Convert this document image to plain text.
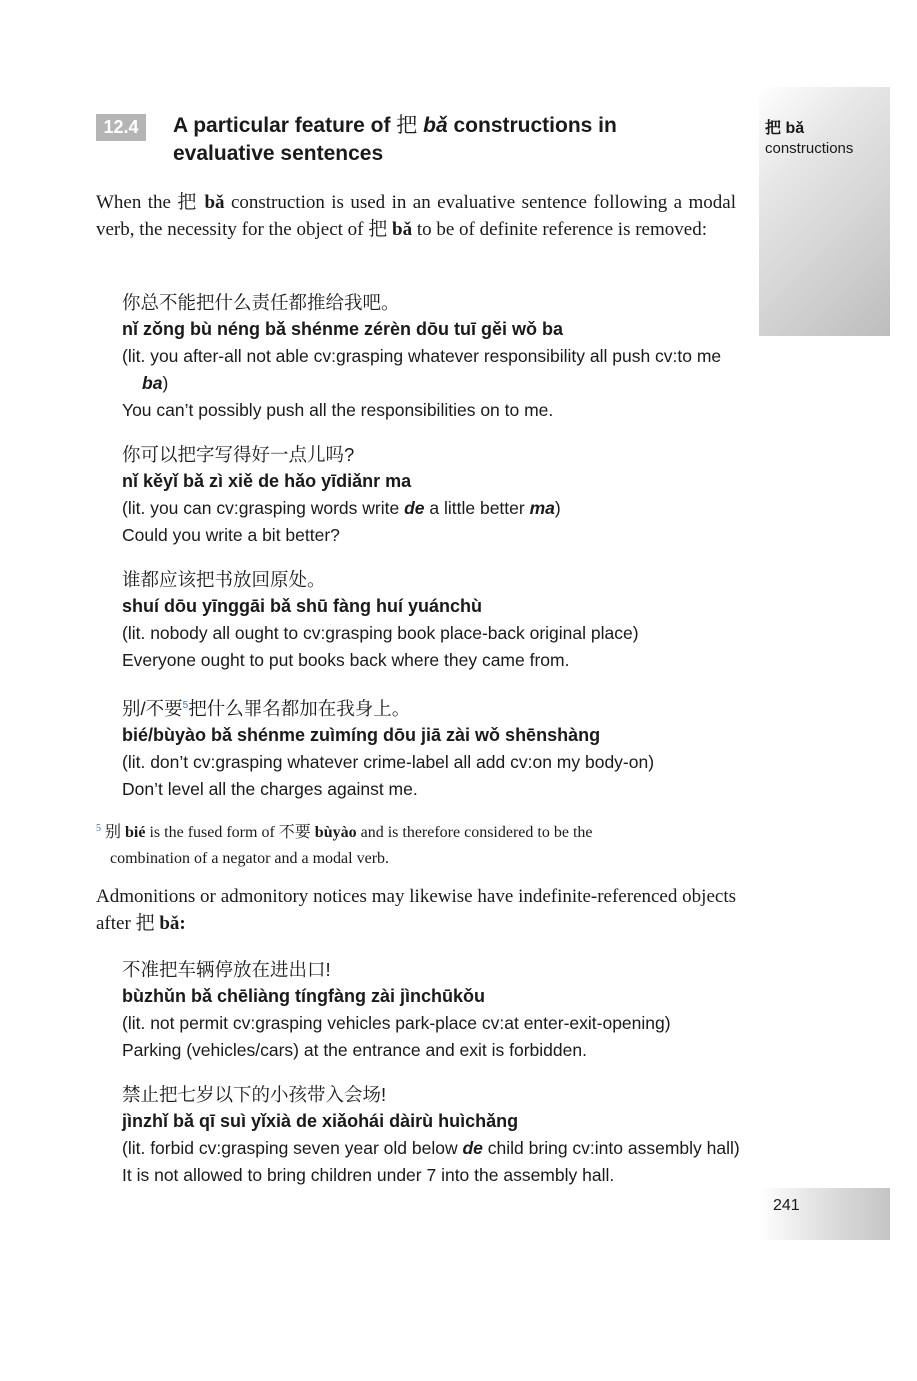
把 bǎ
constructions
241
12.4	A particular feature of 把 bǎ constructions in evaluative sentences
When the 把 bǎ construction is used in an evaluative sentence following a modal verb, the necessity for the object of 把 bǎ to be of definite reference is removed:
你总不能把什么责任都推给我吧。
nǐ zǒng bù néng bǎ shénme zérèn dōu tuī gěi wǒ ba
(lit. you after-all not able cv:grasping whatever responsibility all push cv:to me ba)
You can’t possibly push all the responsibilities on to me.
你可以把字写得好一点儿吗?
nǐ kěyǐ bǎ zì xiě de hǎo yīdiǎnr ma
(lit. you can cv:grasping words write de a little better ma)
Could you write a bit better?
谁都应该把书放回原处。
shuí dōu yīnggāi bǎ shū fàng huí yuánchù
(lit. nobody all ought to cv:grasping book place-back original place)
Everyone ought to put books back where they came from.
别/不要$^5$把什么罪名都加在我身上。
bié/bùyào bǎ shénme zuìmíng dōu jiā zài wǒ shēnshàng
(lit. don’t cv:grasping whatever crime-label all add cv:on my body-on)
Don’t level all the charges against me.
$^5$ 别 bié is the fused form of 不要 bùyào and is therefore considered to be the
combination of a negator and a modal verb.
Admonitions or admonitory notices may likewise have indefinite-referenced objects after 把 bǎ:
不准把车辆停放在进出口!
bùzhǔn bǎ chēliàng tíngfàng zài jìnchūkǒu
(lit. not permit cv:grasping vehicles park-place cv:at enter-exit-opening)
Parking (vehicles/cars) at the entrance and exit is forbidden.
禁止把七岁以下的小孩带入会场!
jìnzhǐ bǎ qī suì yǐxià de xiǎohái dàirù huìchǎng
(lit. forbid cv:grasping seven year old below de child bring cv:into assembly hall)
It is not allowed to bring children under 7 into the assembly hall.
